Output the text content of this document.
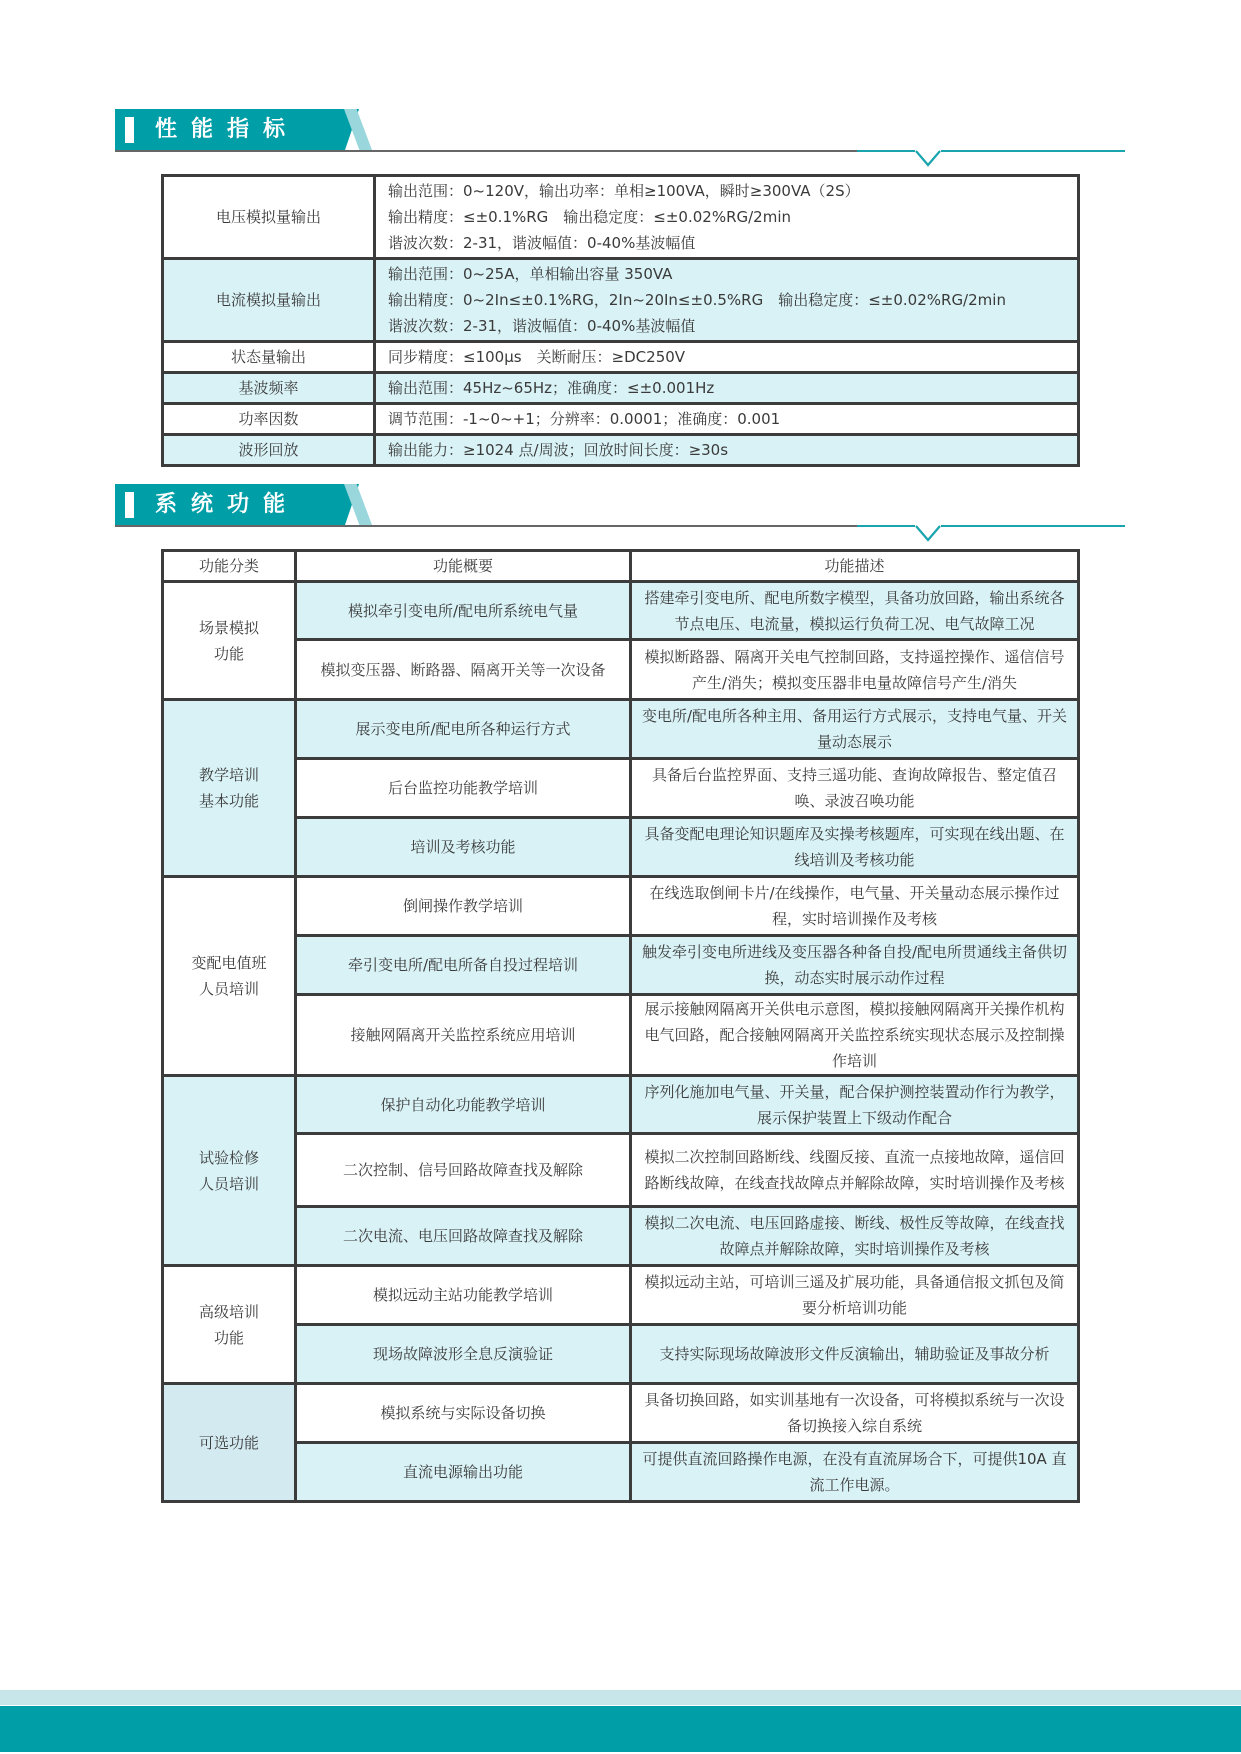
性能指标
电压模拟量输出	输出范围：0~120V，输出功率：单相≥100VA，瞬时≥300VA（2S）
输出精度：≤±0.1%RG　输出稳定度：≤±0.02%RG/2min
谐波次数：2-31，谐波幅值：0-40%基波幅值

电流模拟量输出	输出范围：0~25A，单相输出容量 350VA
输出精度：0~2In≤±0.1%RG，2In~20In≤±0.5%RG　输出稳定度：≤±0.02%RG/2min
谐波次数：2-31，谐波幅值：0-40%基波幅值

状态量输出	同步精度：≤100μs　关断耐压：≥DC250V

基波频率	输出范围：45Hz~65Hz；准确度：≤±0.001Hz

功率因数	调节范围：-1~0~+1；分辨率：0.0001；准确度：0.001

波形回放	输出能力：≥1024 点/周波；回放时间长度：≥30s
系统功能
功能分类	功能概要	功能描述

场景模拟
功能	模拟牵引变电所/配电所系统电气量	搭建牵引变电所、配电所数字模型，具备功放回路，输出系统各节点电压、电流量，模拟运行负荷工况、电气故障工况
	模拟变压器、断路器、隔离开关等一次设备	模拟断路器、隔离开关电气控制回路，支持遥控操作、遥信信号产生/消失；模拟变压器非电量故障信号产生/消失

教学培训
基本功能	展示变电所/配电所各种运行方式	变电所/配电所各种主用、备用运行方式展示，支持电气量、开关量动态展示
	后台监控功能教学培训	具备后台监控界面、支持三遥功能、查询故障报告、整定值召唤、录波召唤功能
	培训及考核功能	具备变配电理论知识题库及实操考核题库，可实现在线出题、在线培训及考核功能

变配电值班
人员培训	倒闸操作教学培训	在线选取倒闸卡片/在线操作，电气量、开关量动态展示操作过程，实时培训操作及考核
	牵引变电所/配电所备自投过程培训	触发牵引变电所进线及变压器各种备自投/配电所贯通线主备供切换，动态实时展示动作过程
	接触网隔离开关监控系统应用培训	展示接触网隔离开关供电示意图，模拟接触网隔离开关操作机构电气回路，配合接触网隔离开关监控系统实现状态展示及控制操作培训

试验检修
人员培训	保护自动化功能教学培训	序列化施加电气量、开关量，配合保护测控装置动作行为教学，展示保护装置上下级动作配合
	二次控制、信号回路故障查找及解除	模拟二次控制回路断线、线圈反接、直流一点接地故障，遥信回路断线故障，在线查找故障点并解除故障，实时培训操作及考核
	二次电流、电压回路故障查找及解除	模拟二次电流、电压回路虚接、断线、极性反等故障，在线查找故障点并解除故障，实时培训操作及考核

高级培训
功能	模拟远动主站功能教学培训	模拟远动主站，可培训三遥及扩展功能，具备通信报文抓包及简要分析培训功能
	现场故障波形全息反演验证	支持实际现场故障波形文件反演输出，辅助验证及事故分析

可选功能	模拟系统与实际设备切换	具备切换回路，如实训基地有一次设备，可将模拟系统与一次设备切换接入综自系统
	直流电源输出功能	可提供直流回路操作电源，在没有直流屏场合下，可提供10A 直流工作电源。
